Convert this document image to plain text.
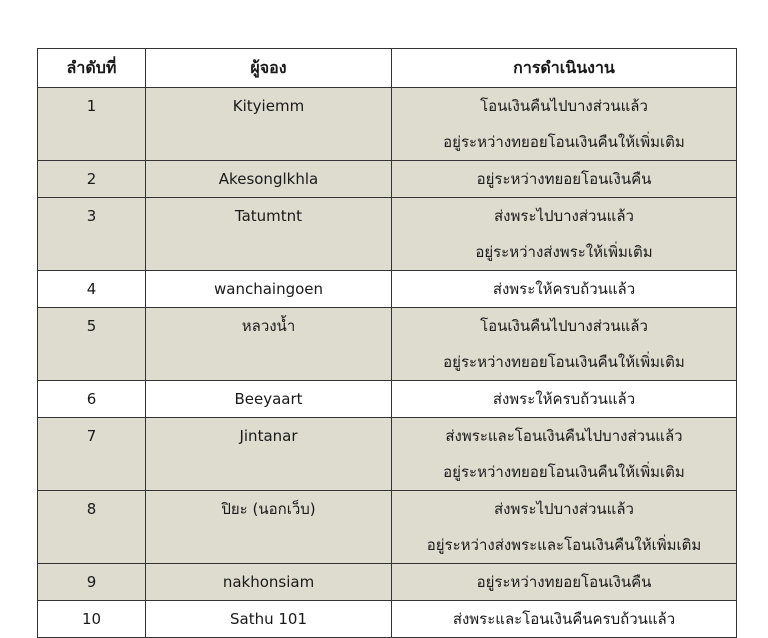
ลำดับที่	ผู้จอง	การดำเนินงาน

1	Kityiemm	โอนเงินคืนไปบางส่วนแล้ว
อยู่ระหว่างทยอยโอนเงินคืนให้เพิ่มเติม

2	Akesonglkhla	อยู่ระหว่างทยอยโอนเงินคืน

3	Tatumtnt	ส่งพระไปบางส่วนแล้ว
อยู่ระหว่างส่งพระให้เพิ่มเติม

4	wanchaingoen	ส่งพระให้ครบถ้วนแล้ว

5	หลวงน้ำ	โอนเงินคืนไปบางส่วนแล้ว
อยู่ระหว่างทยอยโอนเงินคืนให้เพิ่มเติม

6	Beeyaart	ส่งพระให้ครบถ้วนแล้ว

7	Jintanar	ส่งพระและโอนเงินคืนไปบางส่วนแล้ว
อยู่ระหว่างทยอยโอนเงินคืนให้เพิ่มเติม

8	ปิยะ (นอกเว็บ)	ส่งพระไปบางส่วนแล้ว
อยู่ระหว่างส่งพระและโอนเงินคืนให้เพิ่มเติม

9	nakhonsiam	อยู่ระหว่างทยอยโอนเงินคืน

10	Sathu 101	ส่งพระและโอนเงินคืนครบถ้วนแล้ว
